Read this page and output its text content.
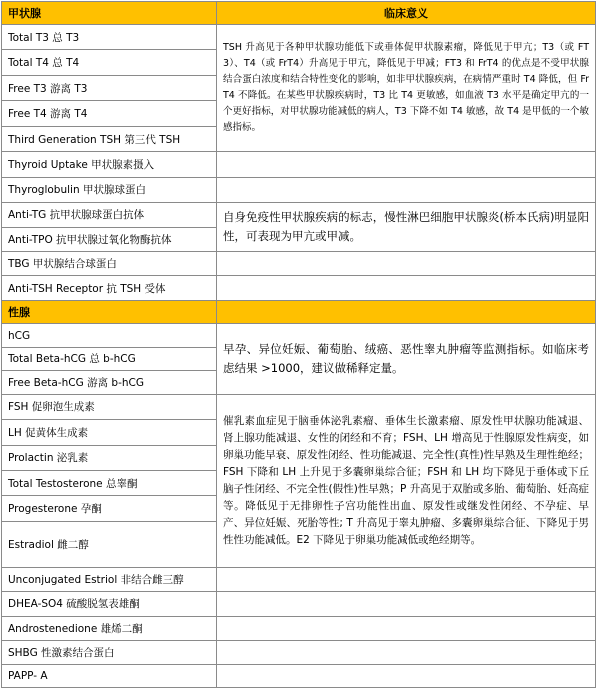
甲状腺	临床意义
Total T3 总 T3	TSH 升高见于各种甲状腺功能低下或垂体促甲状腺素瘤，降低见于甲亢；T3（或 FT3）、T4（或 FrT4）升高见于甲亢，降低见于甲减；FT3 和 FrT4 的优点是不受甲状腺结合蛋白浓度和结合特性变化的影响，如非甲状腺疾病，在病情严重时 T4 降低，但 FrT4 不降低。在某些甲状腺疾病时，T3 比 T4 更敏感，如血液 T3 水平是确定甲亢的一个更好指标，对甲状腺功能减低的病人，T3 下降不如 T4 敏感，故 T4 是甲低的一个敏感指标。
Total T4 总 T4	
Free T3 游离 T3	
Free T4 游离 T4	
Third Generation TSH 第三代 TSH	
Thyroid Uptake 甲状腺素摄入	
Thyroglobulin 甲状腺球蛋白	
Anti-TG 抗甲状腺球蛋白抗体	自身免疫性甲状腺疾病的标志，慢性淋巴细胞甲状腺炎(桥本氏病)明显阳性，可表现为甲亢或甲减。
Anti-TPO 抗甲状腺过氧化物酶抗体	
TBG 甲状腺结合球蛋白	
Anti-TSH Receptor 抗 TSH 受体	
性腺	
hCG	早孕、异位妊娠、葡萄胎、绒癌、恶性睾丸肿瘤等监测指标。如临床考虑结果 >1000，建议做稀释定量。
Total Beta-hCG 总 b-hCG	
Free Beta-hCG 游离 b-hCG	
FSH 促卵泡生成素	催乳素血症见于脑垂体泌乳素瘤、垂体生长激素瘤、原发性甲状腺功能减退、肾上腺功能减退、女性的闭经和不育；FSH、LH 增高见于性腺原发性病变，如卵巢功能早衰、原发性闭经、性功能减退、完全性(真性)性早熟及生理性绝经；FSH 下降和 LH 上升见于多囊卵巢综合征；FSH 和 LH 均下降见于垂体或下丘脑子性闭经、不完全性(假性)性早熟；P 升高见于双胎或多胎、葡萄胎、妊高症等。降低见于无排卵性子宫功能性出血、原发性或继发性闭经、不孕症、早产、异位妊娠、死胎等性; T 升高见于睾丸肿瘤、多囊卵巢综合征、下降见于男性性功能减低。E2 下降见于卵巢功能减低或绝经期等。
LH 促黄体生成素	
Prolactin 泌乳素	
Total Testosterone 总睾酮	
Progesterone 孕酮	
Estradiol 雌二醇	
Unconjugated Estriol 非结合雌三醇	
DHEA-SO4 硫酸脱氢表雄酮	
Androstenedione 雄烯二酮	
SHBG 性激素结合蛋白	
PAPP- A	
